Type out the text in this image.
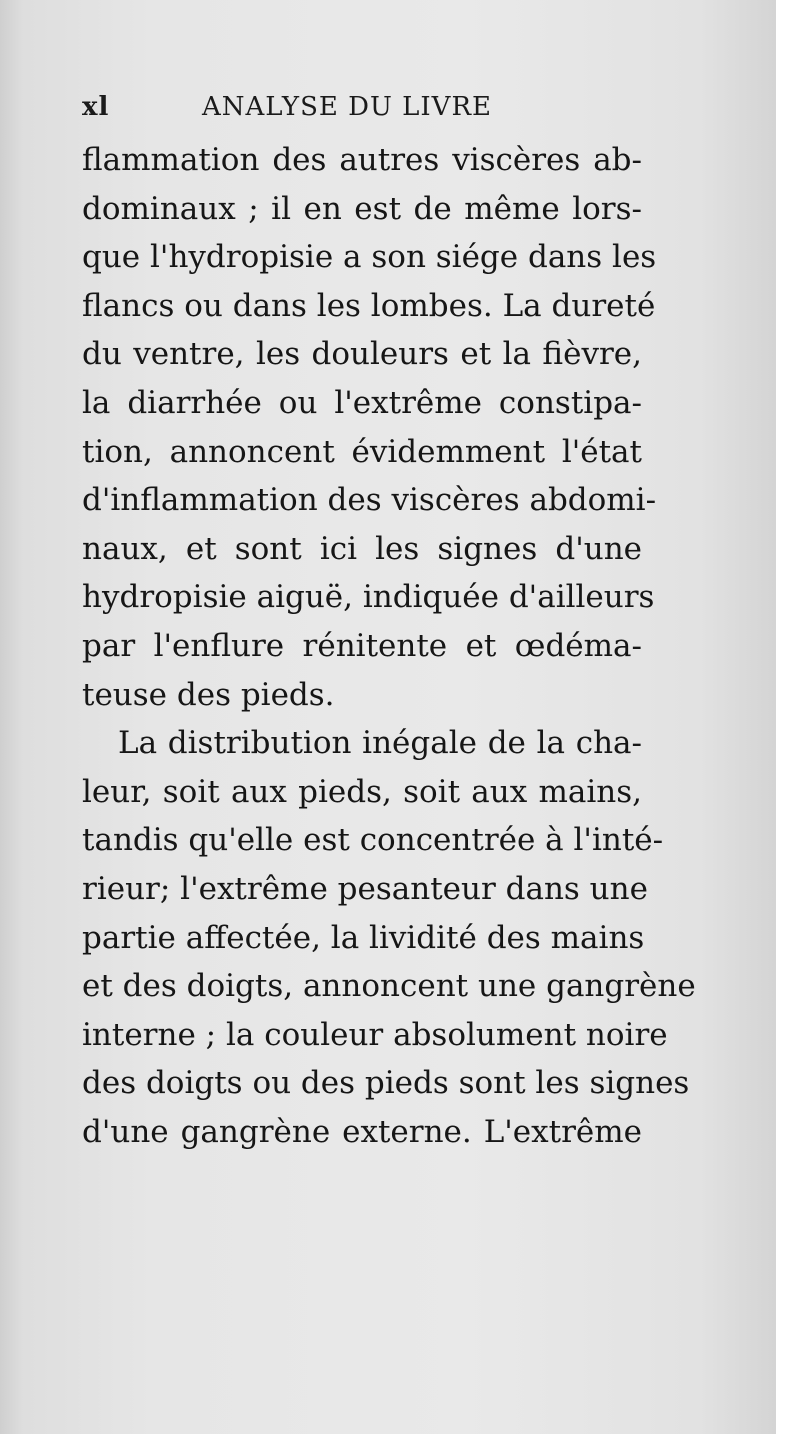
xl	ANALYSE DU LIVRE
flammation des autres viscères ab-
dominaux ; il en est de même lors-
que l'hydropisie a son siége dans les
flancs ou dans les lombes. La dureté
du ventre, les douleurs et la fièvre,
la diarrhée ou l'extrême constipa-
tion, annoncent évidemment l'état
d'inflammation des viscères abdomi-
naux, et sont ici les signes d'une
hydropisie aiguë, indiquée d'ailleurs
par l'enflure rénitente et œdéma-
teuse des pieds.
La distribution inégale de la cha-
leur, soit aux pieds, soit aux mains,
tandis qu'elle est concentrée à l'inté-
rieur; l'extrême pesanteur dans une
partie affectée, la lividité des mains
et des doigts, annoncent une gangrène
interne ; la couleur absolument noire
des doigts ou des pieds sont les signes
d'une gangrène externe. L'extrême
